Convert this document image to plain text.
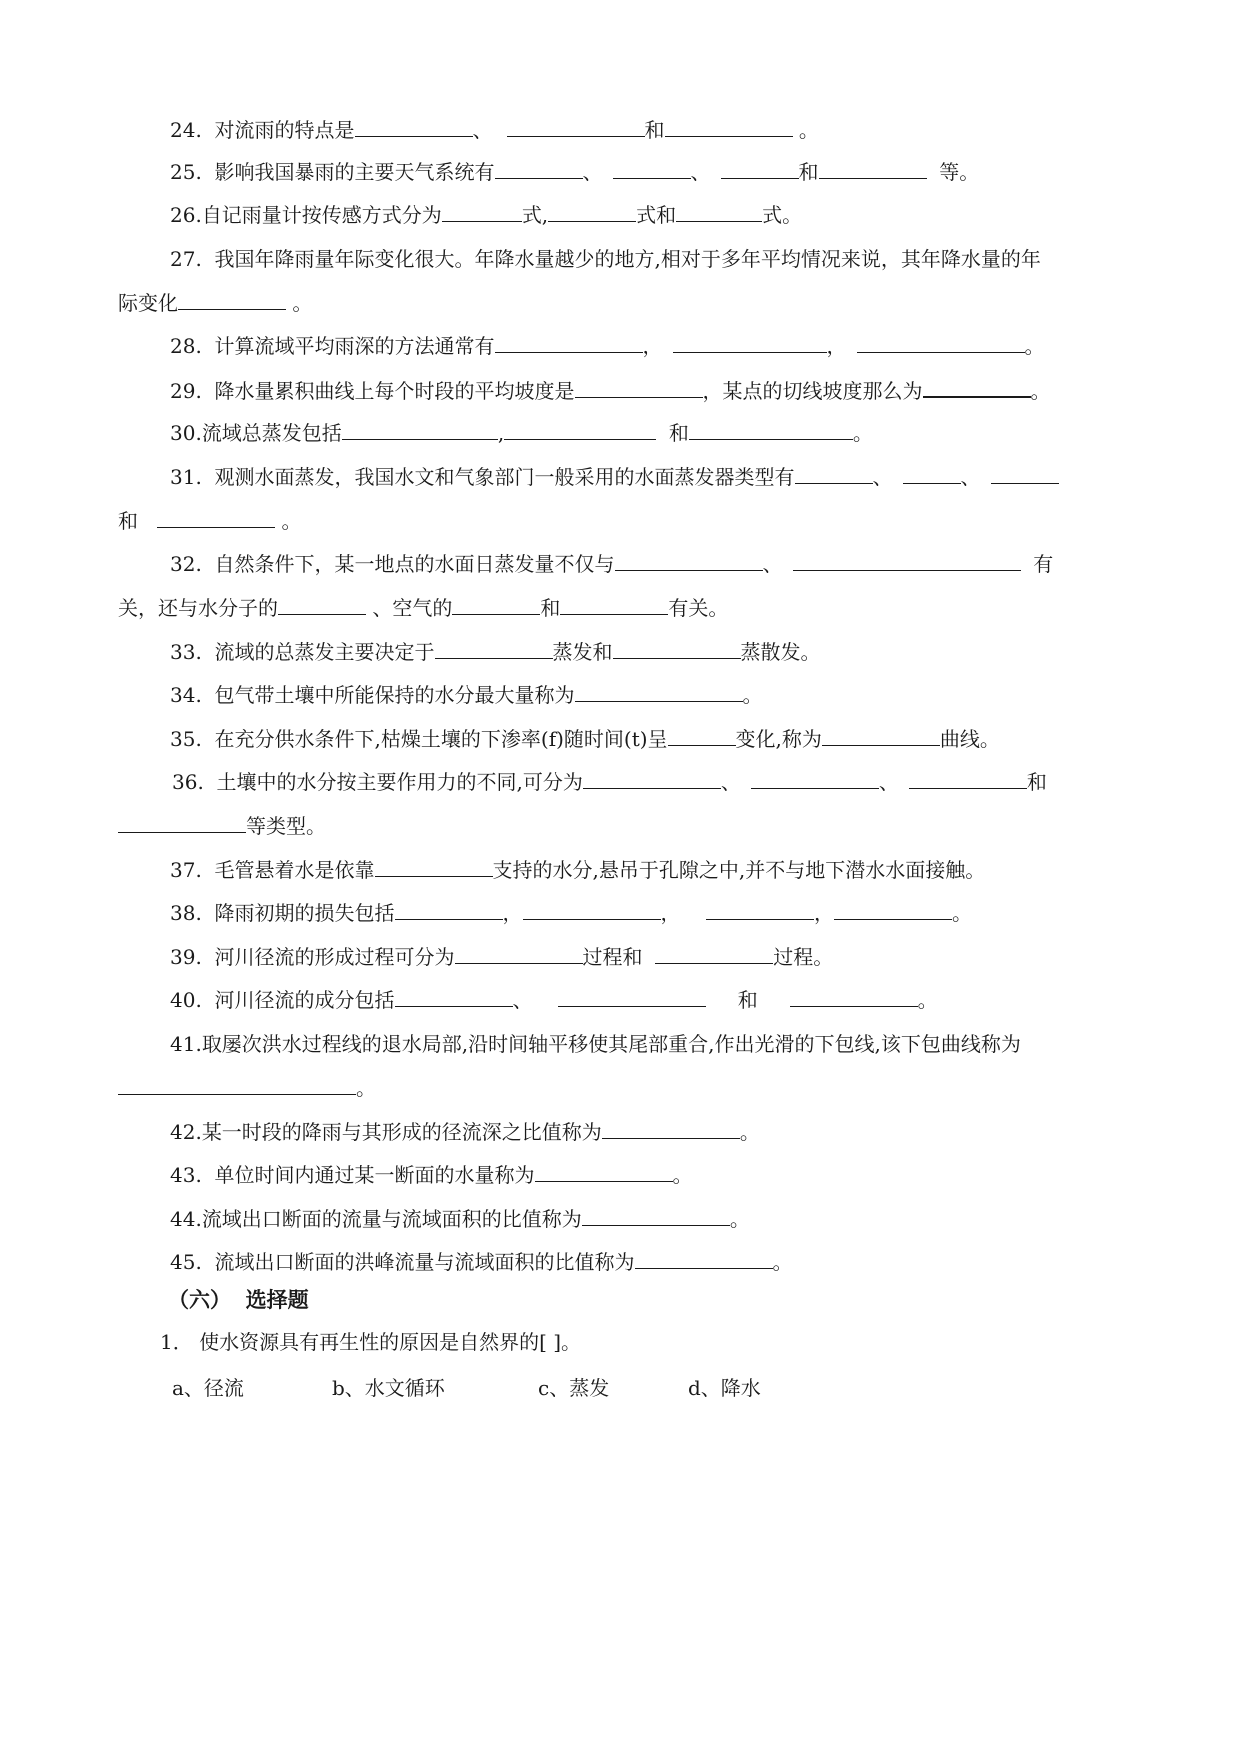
24. 对流雨的特点是	、	和	。
25. 影响我国暴雨的主要天气系统有	、	、	和	等。
26.自记雨量计按传感方式分为	式,	式和	式。
27. 我国年降雨量年际变化很大。年降水量越少的地方,相对于多年平均情况来说，其年降水量的年
际变化	。
28. 计算流域平均雨深的方法通常有	，	，	。
29. 降水量累积曲线上每个时段的平均坡度是	，某点的切线坡度那么为	。
30.流域总蒸发包括	,	和	。
31. 观测水面蒸发，我国水文和气象部门一般采用的水面蒸发器类型有	、	、
和	。
32. 自然条件下，某一地点的水面日蒸发量不仅与	、	有
关，还与水分子的	、空气的	和	有关。
33. 流域的总蒸发主要决定于	蒸发和	蒸散发。
34. 包气带土壤中所能保持的水分最大量称为	。
35. 在充分供水条件下,枯燥土壤的下渗率(f)随时间(t)呈	变化,称为	曲线。
36. 土壤中的水分按主要作用力的不同,可分为	、	、	和
等类型。
37. 毛管悬着水是依靠	支持的水分,悬吊于孔隙之中,并不与地下潜水水面接触。
38. 降雨初期的损失包括	，	，	，	。
39. 河川径流的形成过程可分为	过程和	过程。
40. 河川径流的成分包括	、	和	。
41.取屡次洪水过程线的退水局部,沿时间轴平移使其尾部重合,作出光滑的下包线,该下包曲线称为
。
42.某一时段的降雨与其形成的径流深之比值称为	。
43. 单位时间内通过某一断面的水量称为	。
44.流域出口断面的流量与流域面积的比值称为	。
45. 流域出口断面的洪峰流量与流域面积的比值称为	。
（六） 选择题
1． 使水资源具有再生性的原因是自然界的[ ]。
a、径流	b、水文循环	c、蒸发	d、降水
